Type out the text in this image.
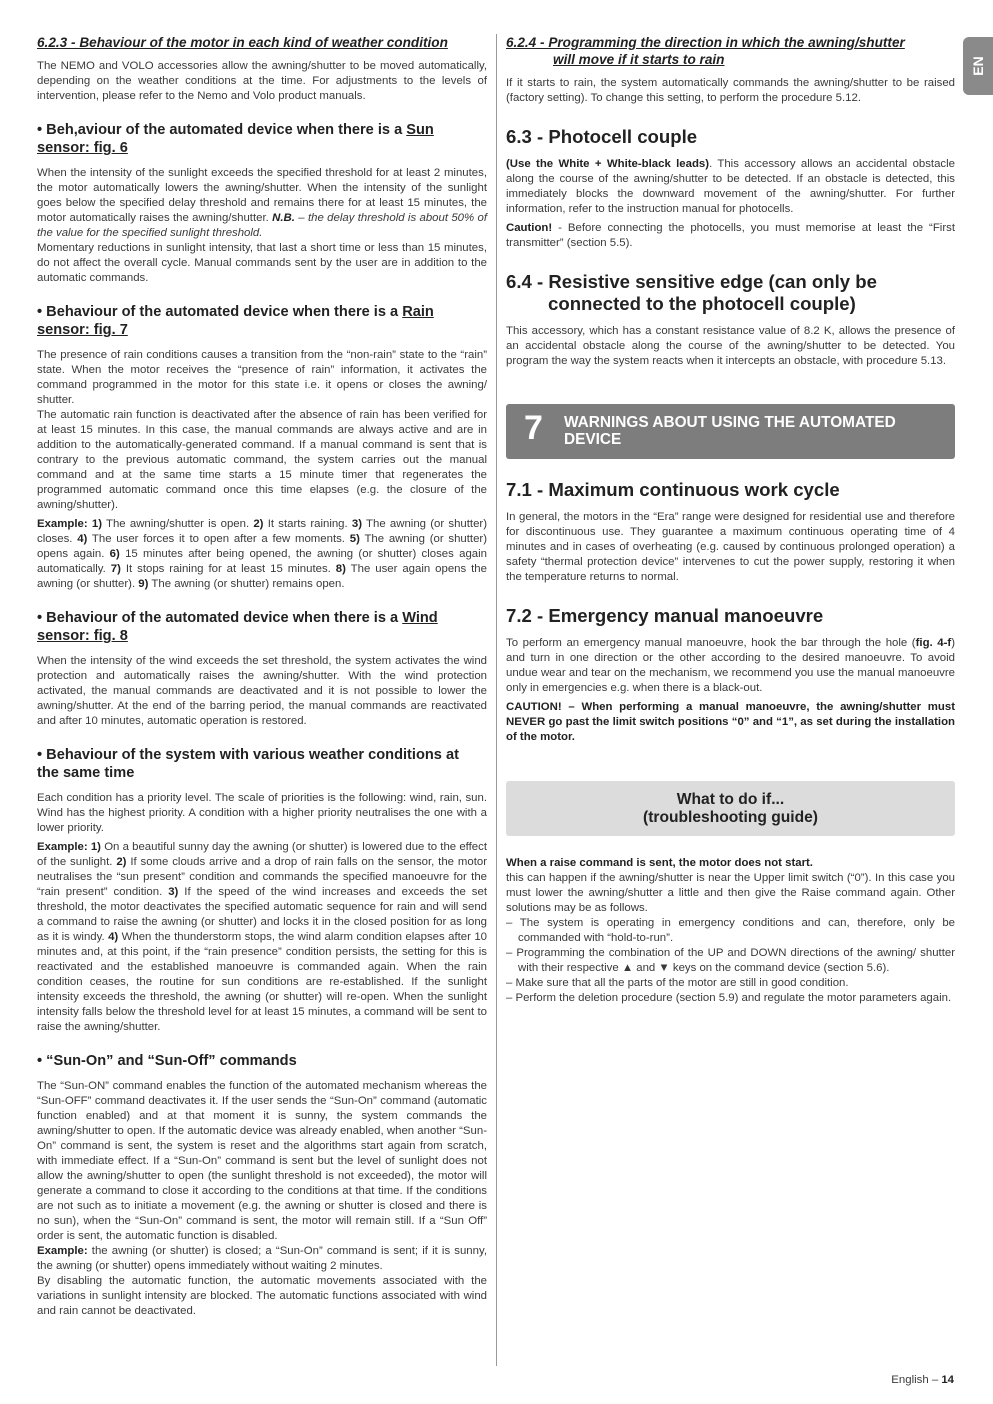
EN
6.2.3 - Behaviour of the motor in each kind of weather condition

The NEMO and VOLO accessories allow the awning/shutter to be moved automatically, depending on the weather conditions at the time. For adjustments to the levels of intervention, please refer to the Nemo and Volo product manuals.

• Beh,aviour of the automated device when there is a Sun
sensor: fig. 6

When the intensity of the sunlight exceeds the specified threshold for at least 2 minutes, the motor automatically lowers the awning/shutter. When the intensity of the sunlight goes below the specified delay threshold and remains there for at least 15 minutes, the motor automatically raises the awning/shutter. N.B. – the delay threshold is about 50% of the value for the specified sunlight threshold.

Momentary reductions in sunlight intensity, that last a short time or less than 15 minutes, do not affect the overall cycle. Manual commands sent by the user are in addition to the automatic commands.

• Behaviour of the automated device when there is a Rain
sensor: fig. 7

The presence of rain conditions causes a transition from the “non-rain” state to the “rain” state. When the motor receives the “presence of rain” information, it activates the command programmed in the motor for this state i.e. it opens or closes the awning/ shutter.

The automatic rain function is deactivated after the absence of rain has been verified for at least 15 minutes. In this case, the manual commands are always active and are in addition to the automatically-generated command. If a manual command is sent that is contrary to the previous automatic command, the system carries out the manual command and at the same time starts a 15 minute timer that regenerates the programmed automatic command once this time elapses (e.g. the closure of the awning/shutter).

Example: 1) The awning/shutter is open. 2) It starts raining. 3) The awning (or shutter) closes. 4) The user forces it to open after a few moments. 5) The awning (or shutter) opens again. 6) 15 minutes after being opened, the awning (or shutter) closes again automatically. 7) It stops raining for at least 15 minutes. 8) The user again opens the awning (or shutter). 9) The awning (or shutter) remains open.

• Behaviour of the automated device when there is a Wind
sensor: fig. 8

When the intensity of the wind exceeds the set threshold, the system activates the wind protection and automatically raises the awning/shutter. With the wind protection activated, the manual commands are deactivated and it is not possible to lower the awning/shutter. At the end of the barring period, the manual commands are reactivated and after 10 minutes, automatic operation is restored.

• Behaviour of the system with various weather conditions at
the same time

Each condition has a priority level. The scale of priorities is the following: wind, rain, sun. Wind has the highest priority. A condition with a higher priority neutralises the one with a lower priority.

Example: 1) On a beautiful sunny day the awning (or shutter) is lowered due to the effect of the sunlight. 2) If some clouds arrive and a drop of rain falls on the sensor, the motor neutralises the “sun present” condition and commands the specified manoeuvre for the “rain present” condition. 3) If the speed of the wind increases and exceeds the set threshold, the motor deactivates the specified automatic sequence for rain and will send a command to raise the awning (or shutter) and locks it in the closed position for as long as it is windy. 4) When the thunderstorm stops, the wind alarm condition elapses after 10 minutes and, at this point, if the “rain presence” condition persists, the setting for this is reactivated and the established manoeuvre is commanded again. When the rain condition ceases, the routine for sun conditions are re-established. If the sunlight intensity exceeds the threshold, the awning (or shutter) will re-open. When the sunlight intensity falls below the threshold level for at least 15 minutes, a command will be sent to raise the awning/shutter.

• “Sun-On” and “Sun-Off” commands

The “Sun-ON” command enables the function of the automated mechanism whereas the “Sun-OFF” command deactivates it. If the user sends the “Sun-On” command (automatic function enabled) and at that moment it is sunny, the system commands the awning/shutter to open. If the automatic device was already enabled, when another “Sun-On” command is sent, the system is reset and the algorithms start again from scratch, with immediate effect. If a “Sun-On” command is sent but the level of sunlight does not allow the awning/shutter to open (the sunlight threshold is not exceeded), the motor will generate a command to close it according to the conditions at that time. If the conditions are not such as to initiate a movement (e.g. the awning or shutter is closed and there is no sun), when the “Sun-On” command is sent, the motor will remain still. If a “Sun Off” order is sent, the automatic function is disabled.

Example: the awning (or shutter) is closed; a “Sun-On” command is sent; if it is sunny, the awning (or shutter) opens immediately without waiting 2 minutes.

By disabling the automatic function, the automatic movements associated with the variations in sunlight intensity are blocked. The automatic functions associated with wind and rain cannot be deactivated.

6.2.4 - Programming the direction in which the awning/shutter
will move if it starts to rain

If it starts to rain, the system automatically commands the awning/shutter to be raised (factory setting). To change this setting, to perform the procedure 5.12.

6.3 - Photocell couple

(Use the White + White-black leads). This accessory allows an accidental obstacle along the course of the awning/shutter to be detected. If an obstacle is detected, this immediately blocks the downward movement of the awning/shutter. For further information, refer to the instruction manual for photocells.

Caution! - Before connecting the photocells, you must memorise at least the “First transmitter” (section 5.5).

6.4 - Resistive sensitive edge (can only be
connected to the photocell couple)

This accessory, which has a constant resistance value of 8.2 K, allows the presence of an accidental obstacle along the course of the awning/shutter to be detected. You program the way the system reacts when it intercepts an obstacle, with procedure 5.13.

7 WARNINGS ABOUT USING THE AUTOMATED
DEVICE
7.1 - Maximum continuous work cycle

In general, the motors in the “Era” range were designed for residential use and therefore for discontinuous use. They guarantee a maximum continuous operating time of 4 minutes and in cases of overheating (e.g. caused by continuous prolonged operation) a safety “thermal protection device” intervenes to cut the power supply, restoring it when the temperature returns to normal.

7.2 - Emergency manual manoeuvre

To perform an emergency manual manoeuvre, hook the bar through the hole (fig. 4-f) and turn in one direction or the other according to the desired manoeuvre. To avoid undue wear and tear on the mechanism, we recommend you use the manual manoeuvre only in emergencies e.g. when there is a black-out.

CAUTION! – When performing a manual manoeuvre, the awning/shutter must NEVER go past the limit switch positions “0” and “1”, as set during the installation of the motor.

What to do if...
(troubleshooting guide)

When a raise command is sent, the motor does not start.

this can happen if the awning/shutter is near the Upper limit switch (“0”). In this case you must lower the awning/shutter a little and then give the Raise command again. Other solutions may be as follows.

– The system is operating in emergency conditions and can, therefore, only be commanded with “hold-to-run”.

– Programming the combination of the UP and DOWN directions of the awning/ shutter with their respective ▲ and ▼ keys on the command device (section 5.6).

– Make sure that all the parts of the motor are still in good condition.

– Perform the deletion procedure (section 5.9) and regulate the motor parameters again.

English – 14
